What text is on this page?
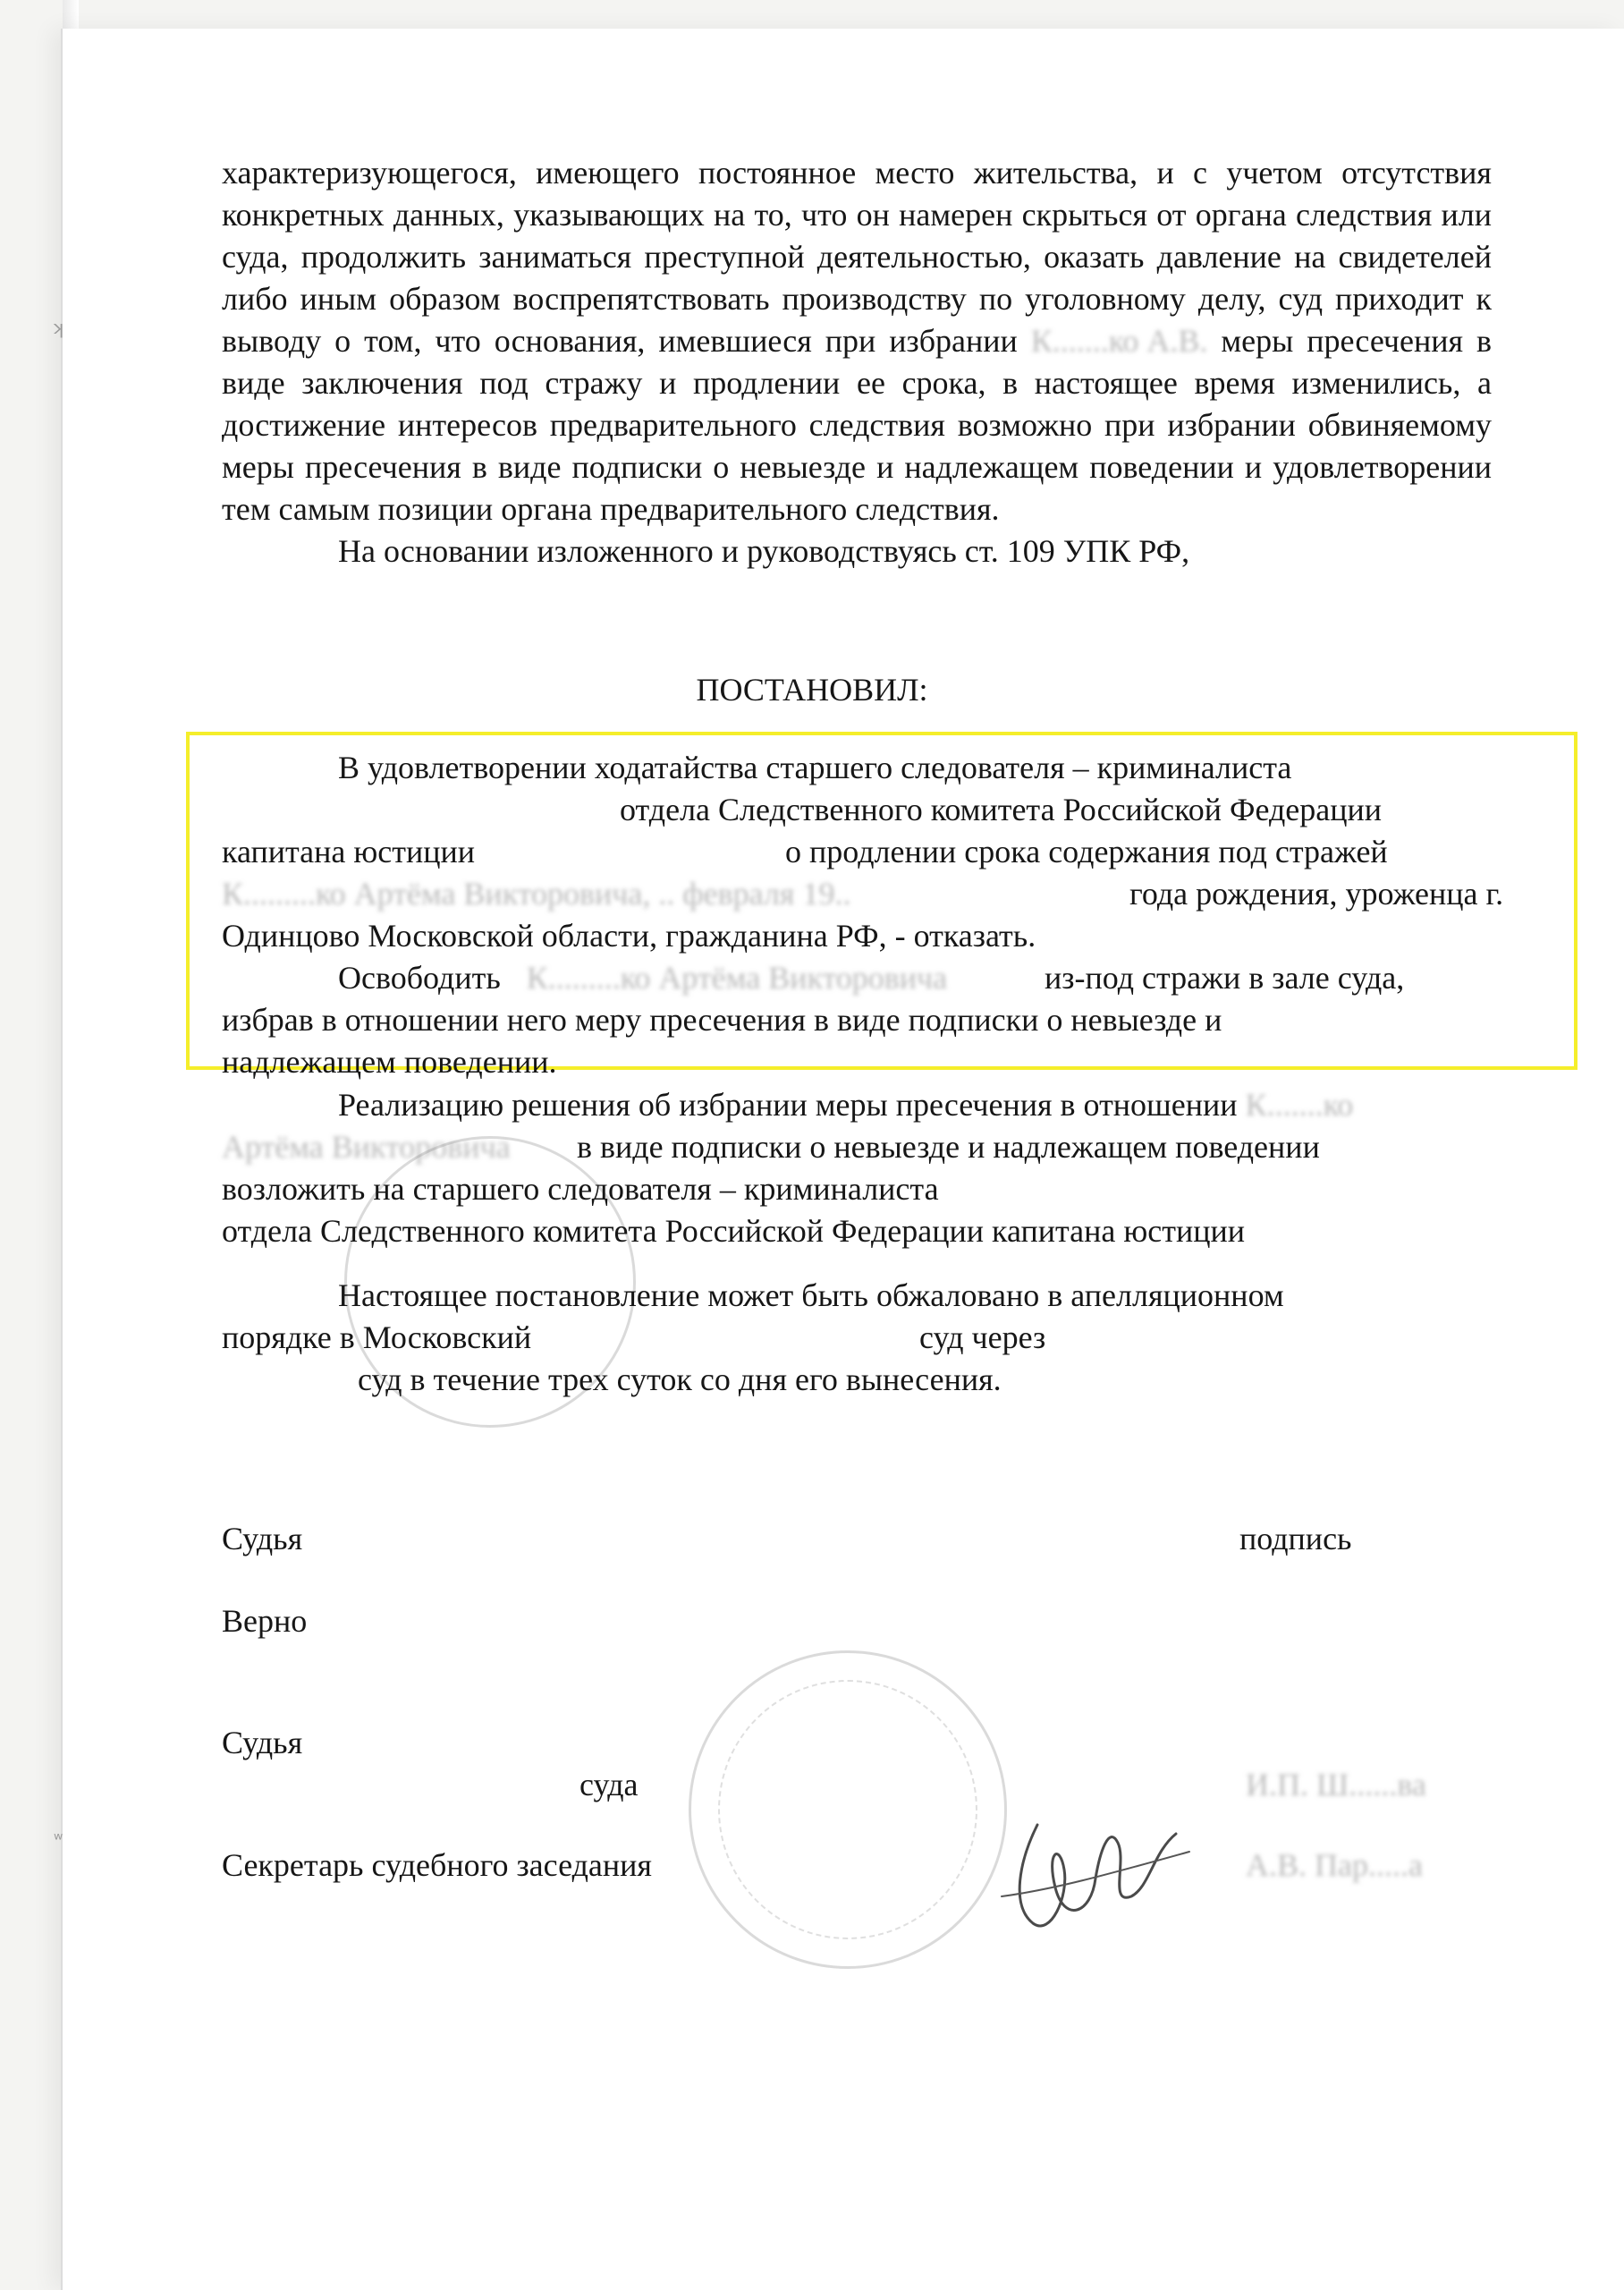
ʞ
ʷ

характеризующегося, имеющего постоянное место жительства, и с учетом отсутствия конкретных данных, указывающих на то, что он намерен скрыться от органа следствия или суда, продолжить заниматься преступной деятельностью, оказать давление на свидетелей либо иным образом воспрепятствовать производству по уголовному делу, суд приходит к выводу о том, что основания, имевшиеся при избрании К.......ко А.В. меры пресечения в виде заключения под стражу и продлении ее срока, в настоящее время изменились, а достижение интересов предварительного следствия возможно при избрании обвиняемому меры пресечения в виде подписки о невыезде и надлежащем поведении и удовлетворении тем самым позиции органа предварительного следствия.

На основании изложенного и руководствуясь ст. 109 УПК РФ,

ПОСТАНОВИЛ:
В удовлетворении ходатайства старшего следователя – криминалиста
отдела Следственного комитета Российской Федерации
капитана юстиции	о продлении срока содержания под стражей
К.........ко Артёма Викторовича, .. февраля 19..	года рождения, уроженца г.
Одинцово Московской области, гражданина РФ, - отказать.
Освободить К.........ко Артёма Викторовича	из-под стражи в зале суда,
избрав в отношении него меру пресечения в виде подписки о невыезде и
надлежащем поведении.
Реализацию решения об избрании меры пресечения в отношении К.......ко
Артёма Викторовича в виде подписки о невыезде и надлежащем поведении
возложить на старшего следователя – криминалиста
отдела Следственного комитета Российской Федерации капитана юстиции
Настоящее постановление может быть обжаловано в апелляционном
порядке в Московский	суд через
суд в течение трех суток со дня его вынесения.
Судья	подпись
Верно
Судья
суда	И.П. Ш......ва
Секретарь судебного заседания	А.В. Пар.....а
